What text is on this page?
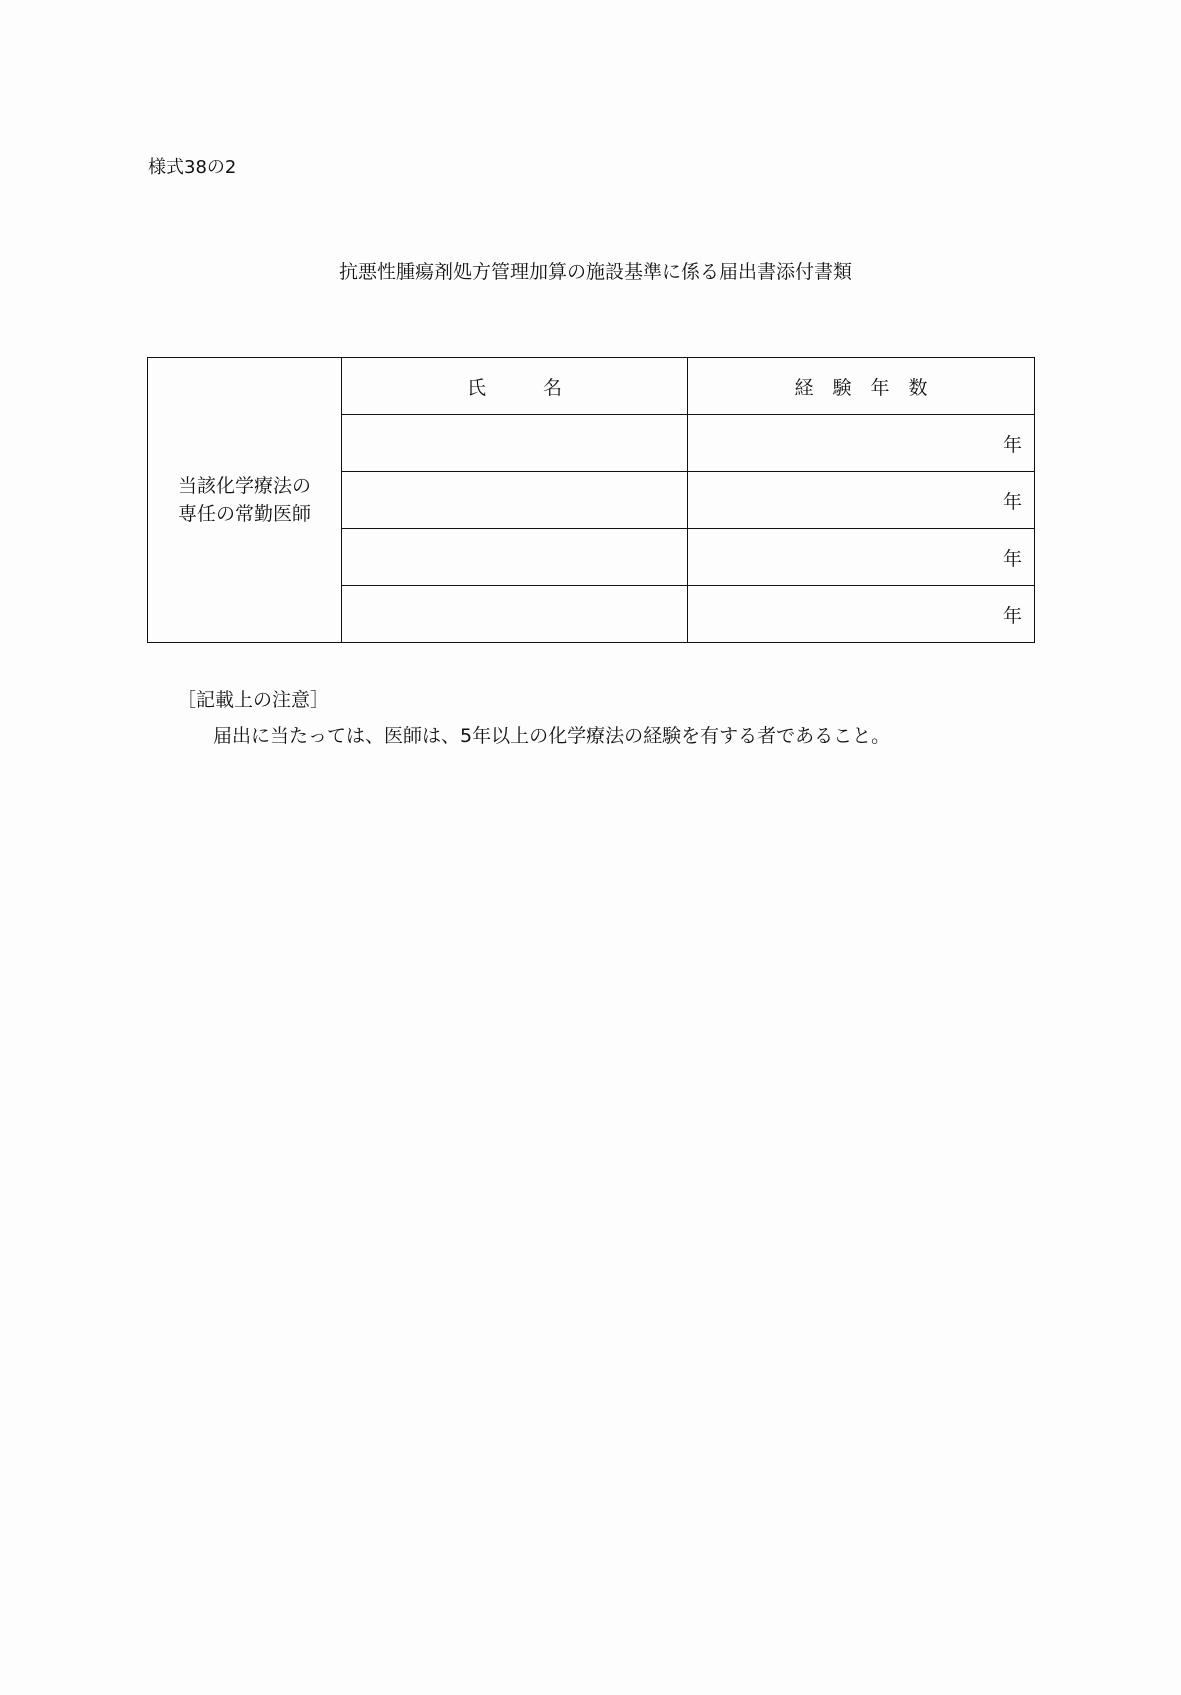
様式38の2
抗悪性腫瘍剤処方管理加算の施設基準に係る届出書添付書類
当該化学療法の
専任の常勤医師	氏　　　名	経　験　年　数
		年
		年
		年
		年
［記載上の注意］
届出に当たっては、医師は、5年以上の化学療法の経験を有する者であること。
